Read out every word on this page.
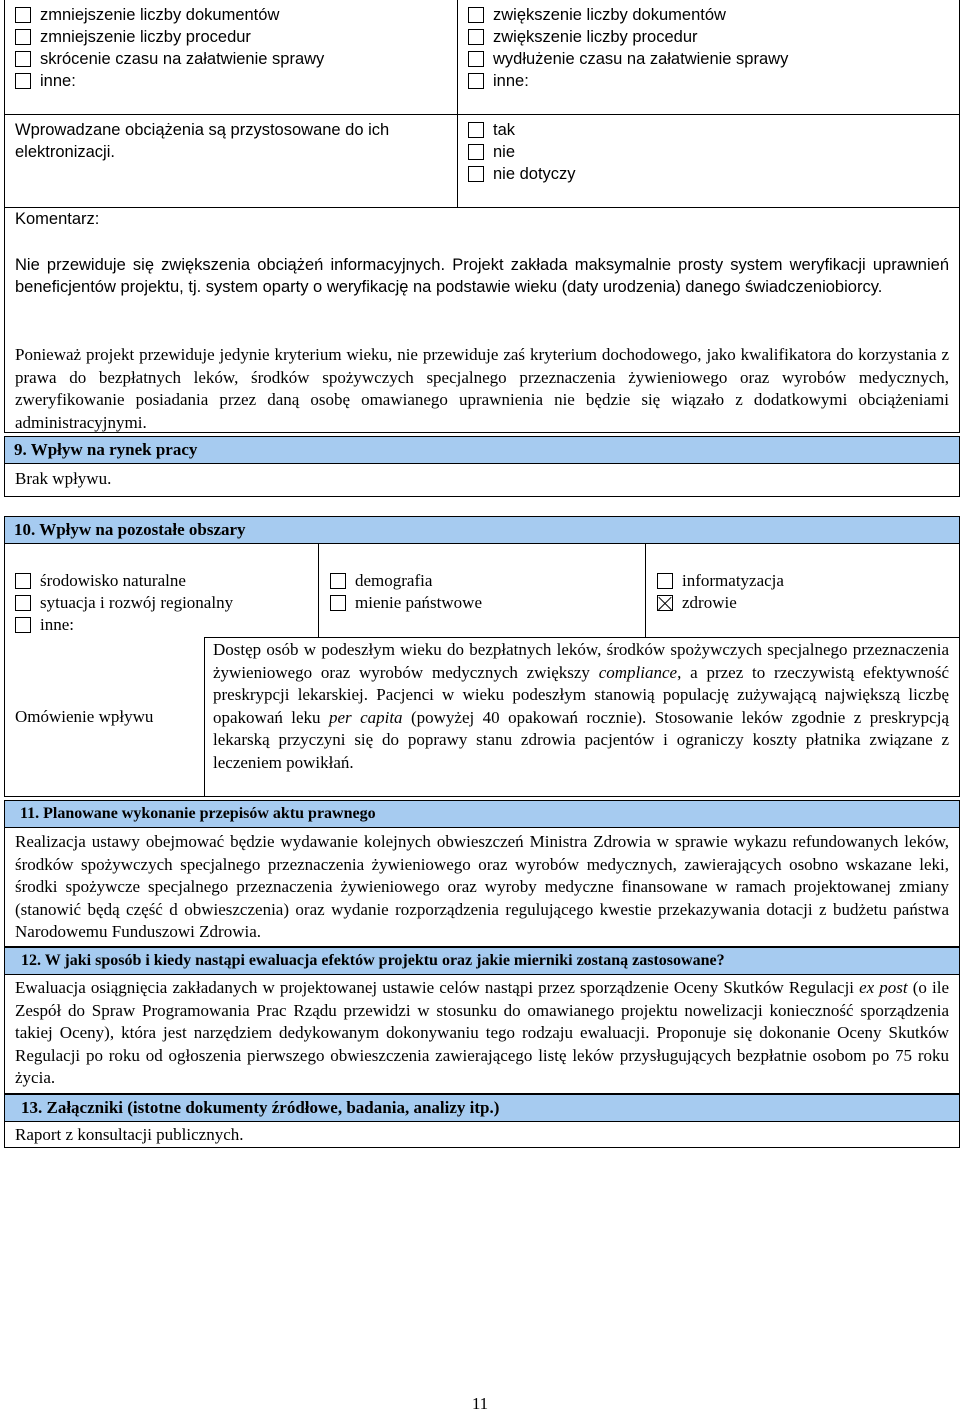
zmniejszenie liczby dokumentów
zmniejszenie liczby procedur
skrócenie czasu na załatwienie sprawy
inne:
zwiększenie liczby dokumentów
zwiększenie liczby procedur
wydłużenie czasu na załatwienie sprawy
inne:
Wprowadzane obciążenia są przystosowane do ich elektronizacji.
tak
nie
nie dotyczy
Komentarz:

Nie przewiduje się zwiększenia obciążeń informacyjnych. Projekt zakłada maksymalnie prosty system weryfikacji uprawnień beneficjentów projektu, tj. system oparty o weryfikację na podstawie wieku (daty urodzenia) danego świadczeniobiorcy.

Ponieważ projekt przewiduje jedynie kryterium wieku, nie przewiduje zaś kryterium dochodowego, jako kwalifikatora do korzystania z prawa do bezpłatnych leków, środków spożywczych specjalnego przeznaczenia żywieniowego oraz wyrobów medycznych, zweryfikowanie posiadania przez daną osobę omawianego uprawnienia nie będzie się wiązało z dodatkowymi obciążeniami administracyjnymi.

9. Wpływ na rynek pracy
Brak wpływu.
10. Wpływ na pozostałe obszary
środowisko naturalne
sytuacja i rozwój regionalny
inne:
demografia
mienie państwowe
informatyzacja
zdrowie
Omówienie wpływu
Dostęp osób w podeszłym wieku do bezpłatnych leków, środków spożywczych specjalnego przeznaczenia żywieniowego oraz wyrobów medycznych zwiększy compliance, a przez to rzeczywistą efektywność preskrypcji lekarskiej. Pacjenci w wieku podeszłym stanowią populację zużywającą największą liczbę opakowań leku per capita (powyżej 40 opakowań rocznie). Stosowanie leków zgodnie z preskrypcją lekarską przyczyni się do poprawy stanu zdrowia pacjentów i ograniczy koszty płatnika związane z leczeniem powikłań.
11. Planowane wykonanie przepisów aktu prawnego
Realizacja ustawy obejmować będzie wydawanie kolejnych obwieszczeń Ministra Zdrowia w sprawie wykazu refundowanych leków, środków spożywczych specjalnego przeznaczenia żywieniowego oraz wyrobów medycznych, zawierających osobno wskazane leki, środki spożywcze specjalnego przeznaczenia żywieniowego oraz wyroby medyczne finansowane w ramach projektowanej zmiany (stanowić będą część d obwieszczenia) oraz wydanie rozporządzenia regulującego kwestie przekazywania dotacji z budżetu państwa Narodowemu Funduszowi Zdrowia.
12. W jaki sposób i kiedy nastąpi ewaluacja efektów projektu oraz jakie mierniki zostaną zastosowane?
Ewaluacja osiągnięcia zakładanych w projektowanej ustawie celów nastąpi przez sporządzenie Oceny Skutków Regulacji ex post (o ile Zespół do Spraw Programowania Prac Rządu przewidzi w stosunku do omawianego projektu nowelizacji konieczność sporządzenia takiej Oceny), która jest narzędziem dedykowanym dokonywaniu tego rodzaju ewaluacji. Proponuje się dokonanie Oceny Skutków Regulacji po roku od ogłoszenia pierwszego obwieszczenia zawierającego listę leków przysługujących bezpłatnie osobom po 75 roku życia.
13. Załączniki (istotne dokumenty źródłowe, badania, analizy itp.)
Raport z konsultacji publicznych.
11
